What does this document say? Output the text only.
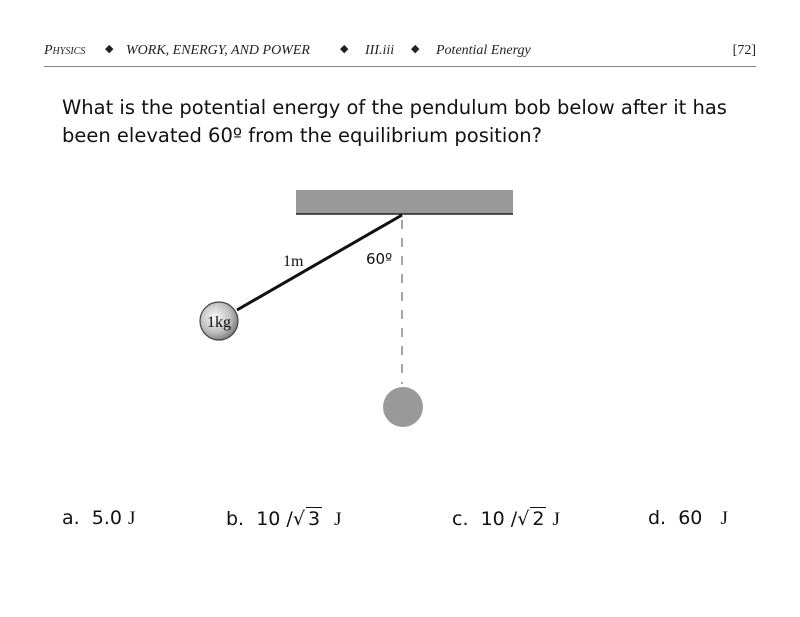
Physics ◆ WORK, ENERGY, AND POWER	◆ III.iii ◆ Potential Energy	[72]
What is the potential energy of the pendulum bob below after it has been elevated 60º from the equilibrium position?
1kg
1m	60º
a. 5.0 J	b. 10 /√ 3 J	c. 10 /√ 2 J	d. 60 J
